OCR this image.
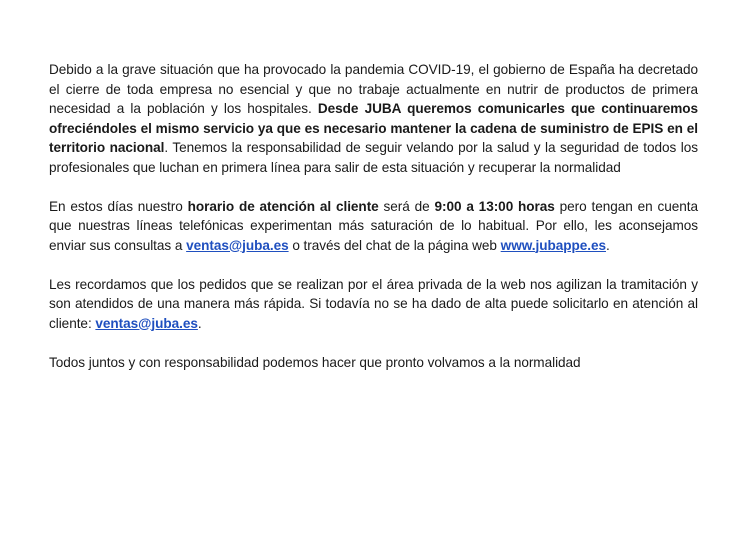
Debido a la grave situación que ha provocado la pandemia COVID-19, el gobierno de España ha decretado el cierre de toda empresa no esencial y que no trabaje actualmente en nutrir de productos de primera necesidad a la población y los hospitales. Desde JUBA queremos comunicarles que continuaremos ofreciéndoles el mismo servicio ya que es necesario mantener la cadena de suministro de EPIS en el territorio nacional. Tenemos la responsabilidad de seguir velando por la salud y la seguridad de todos los profesionales que luchan en primera línea para salir de esta situación y recuperar la normalidad

En estos días nuestro horario de atención al cliente será de 9:00 a 13:00 horas pero tengan en cuenta que nuestras líneas telefónicas experimentan más saturación de lo habitual. Por ello, les aconsejamos enviar sus consultas a ventas@juba.es o través del chat de la página web www.jubappe.es.

Les recordamos que los pedidos que se realizan por el área privada de la web nos agilizan la tramitación y son atendidos de una manera más rápida. Si todavía no se ha dado de alta puede solicitarlo en atención al cliente: ventas@juba.es.

Todos juntos y con responsabilidad podemos hacer que pronto volvamos a la normalidad
